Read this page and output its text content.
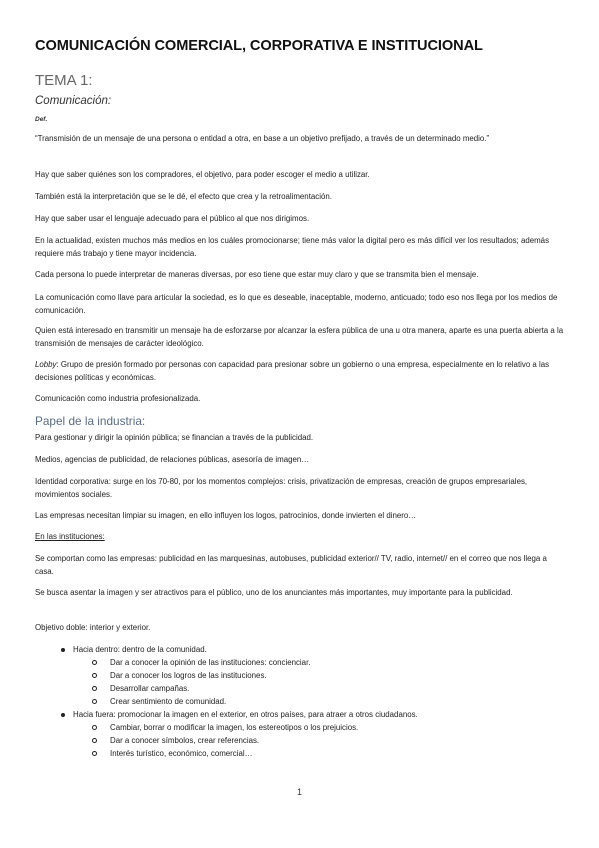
COMUNICACIÓN COMERCIAL, CORPORATIVA E INSTITUCIONAL
TEMA 1:
Comunicación:
Def.
“Transmisión de un mensaje de una persona o entidad a otra, en base a un objetivo prefijado, a través de un determinado medio.”
Hay que saber quiénes son los compradores, el objetivo, para poder escoger el medio a utilizar.
También está la interpretación que se le dé, el efecto que crea y la retroalimentación.
Hay que saber usar el lenguaje adecuado para el público al que nos dirigimos.
En la actualidad, existen muchos más medios en los cuáles promocionarse; tiene más valor la digital pero es más difícil ver los resultados; además requiere más trabajo y tiene mayor incidencia.
Cada persona lo puede interpretar de maneras diversas, por eso tiene que estar muy claro y que se transmita bien el mensaje.
La comunicación como llave para articular la sociedad, es lo que es deseable, inaceptable, moderno, anticuado; todo eso nos llega por los medios de comunicación.
Quien está interesado en transmitir un mensaje ha de esforzarse por alcanzar la esfera pública de una u otra manera, aparte es una puerta abierta a la transmisión de mensajes de carácter ideológico.
Lobby: Grupo de presión formado por personas con capacidad para presionar sobre un gobierno o una empresa, especialmente en lo relativo a las decisiones políticas y económicas.
Comunicación como industria profesionalizada.
Papel de la industria:
Para gestionar y dirigir la opinión pública; se financian a través de la publicidad.
Medios, agencias de publicidad, de relaciones públicas, asesoría de imagen…
Identidad corporativa: surge en los 70-80, por los momentos complejos: crisis, privatización de empresas, creación de grupos empresariales, movimientos sociales.
Las empresas necesitan limpiar su imagen, en ello influyen los logos, patrocinios, donde invierten el dinero…
En las instituciones:
Se comportan como las empresas: publicidad en las marquesinas, autobuses, publicidad exterior// TV, radio, internet// en el correo que nos llega a casa.
Se busca asentar la imagen y ser atractivos para el público, uno de los anunciantes más importantes, muy importante para la publicidad.
Objetivo doble: interior y exterior.
Hacia dentro: dentro de la comunidad.
Dar a conocer la opinión de las instituciones: concienciar.
Dar a conocer los logros de las instituciones.
Desarrollar campañas.
Crear sentimiento de comunidad.
Hacia fuera: promocionar la imagen en el exterior, en otros países, para atraer a otros ciudadanos.
Cambiar, borrar o modificar la imagen, los estereotipos o los prejuicios.
Dar a conocer símbolos, crear referencias.
Interés turístico, económico, comercial…
1
